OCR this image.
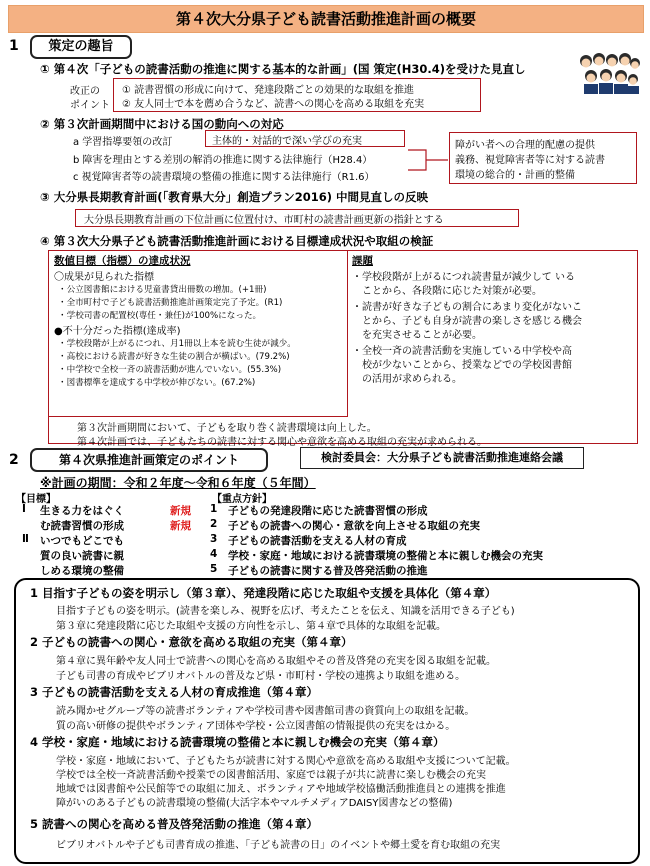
第４次大分県子ども読書活動推進計画の概要
1	策定の趣旨
① 第４次「子どもの読書活動の推進に関する基本的な計画」(国 策定(H30.4)を受けた見直し
改正の
ポイント
① 読書習慣の形成に向けて、発達段階ごとの効果的な取組を推進
② 友人同士で本を薦め合うなど、読書への関心を高める取組を充実
② 第３次計画期間中における国の動向への対応
a 学習指導要領の改訂	主体的・対話的で深い学びの充実
b 障害を理由とする差別の解消の推進に関する法律施行（H28.4）
c 視覚障害者等の読書環境の整備の推進に関する法律施行（R1.6）
障がい者への合理的配慮の提供
義務、視覚障害者等に対する読書
環境の総合的・計画的整備
③ 大分県長期教育計画(「教育県大分」創造プラン2016) 中間見直しの反映
大分県長期教育計画の下位計画に位置付け、市町村の読書計画更新の指針とする
④ 第３次大分県子ども読書活動推進計画における目標達成状況や取組の検証
数値目標（指標）の達成状況
〇成果が見られた指標
・公立図書館における児童書貸出冊数の増加。(+1冊)
・全市町村で子ども読書活動推進計画策定完了予定。(R1)
・学校司書の配置校(専任・兼任)が100%になった。
●不十分だった指標(達成率)
・学校段階が上がるにつれ、月1冊以上本を読む生徒が減少。
・高校における読書が好きな生徒の割合が横ばい。(79.2%)
・中学校で全校一斉の読書活動が進んでいない。(55.3%)
・図書標準を達成する中学校が伸びない。(67.2%)
課題
・学校段階が上がるにつれ読書量が減少して いる
　ことから、各段階に応じた対策が必要。
・読書が好きな子どもの割合にあまり変化がないこ
　とから、子ども自身が読書の楽しさを感じる機会
　を充実させることが必要。
・全校一斉の読書活動を実施している中学校や高
　校が少ないことから、授業などでの学校図書館
　の活用が求められる。
第３次計画期間において、子どもを取り巻く読書環境は向上した。
第４次計画では、子どもたちの読書に対する関心や意欲を高める取組の充実が求められる。
2	第４次県推進計画策定のポイント	検討委員会：大分県子ども読書活動推進連絡会議
※計画の期間：令和２年度〜令和６年度（５年間）
【目標】
Ⅰ 生きる力をはぐく
む読書習慣の形成
Ⅱ いつでもどこでも
質の良い読書に親
しめる環境の整備
【重点方針】
新規 1 子どもの発達段階に応じた読書習慣の形成
新規 2 子どもの読書への関心・意欲を向上させる取組の充実
3 子どもの読書活動を支える人材の育成
4 学校・家庭・地域における読書環境の整備と本に親しむ機会の充実
5 子どもの読書に関する普及啓発活動の推進
1 目指す子どもの姿を明示し（第３章）、発達段階に応じた取組や支援を具体化（第４章）
目指す子どもの姿を明示。(読書を楽しみ、視野を広げ、考えたことを伝え、知識を活用できる子ども)
第３章に発達段階に応じた取組や支援の方向性を示し、第４章で具体的な取組を記載。
2 子どもの読書への関心・意欲を高める取組の充実（第４章）
第４章に異年齢や友人同士で読書への関心を高める取組やその普及啓発の充実を図る取組を記載。
子ども司書の育成やビブリオバトルの普及など県・市町村・学校の連携より取組を進める。
3 子どもの読書活動を支える人材の育成推進（第４章）
読み聞かせグループ等の読書ボランティアや学校司書や図書館司書の資質向上の取組を記載。
質の高い研修の提供やボランティア団体や学校・公立図書館の情報提供の充実をはかる。
4 学校・家庭・地域における読書環境の整備と本に親しむ機会の充実（第４章）
学校・家庭・地域において、子どもたちが読書に対する関心や意欲を高める取組や支援について記載。
学校では全校一斉読書活動や授業での図書館活用、家庭では親子が共に読書に楽しむ機会の充実
地域では図書館や公民館等での取組に加え、ボランティアや地域学校協働活動推進員との連携を推進
障がいのある子どもの読書環境の整備(大活字本やマルチメディアDAISY図書などの整備)
5 読書への関心を高める普及啓発活動の推進（第４章）
ビブリオバトルや子ども司書育成の推進、「子ども読書の日」のイベントや郷土愛を育む取組の充実
